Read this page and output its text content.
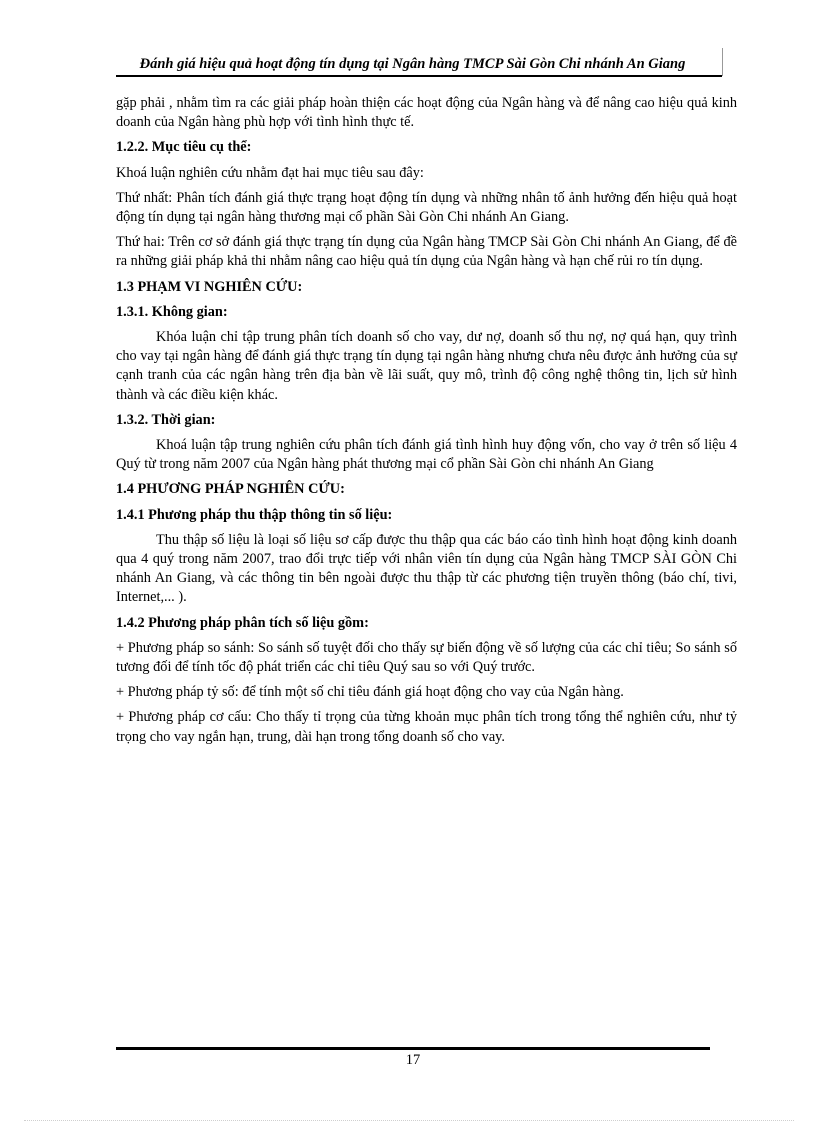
Đánh giá hiệu quả hoạt động tín dụng tại Ngân hàng TMCP Sài Gòn Chi nhánh An Giang

gặp phải , nhằm tìm ra các giải pháp hoàn thiện các hoạt động của Ngân hàng và để nâng cao hiệu quả kinh doanh của Ngân hàng phù hợp với tình hình thực tế.

1.2.2. Mục tiêu cụ thể:

Khoá luận nghiên cứu nhằm đạt hai mục tiêu sau đây:

Thứ nhất: Phân tích đánh giá thực trạng hoạt động tín dụng và những nhân tố ảnh hưởng đến hiệu quả hoạt động tín dụng tại ngân hàng thương mại cổ phần Sài Gòn Chi nhánh An Giang.

Thứ hai: Trên cơ sở đánh giá thực trạng tín dụng của Ngân hàng TMCP Sài Gòn Chi nhánh An Giang, để đề ra những giải pháp khả thi nhằm nâng cao hiệu quả tín dụng của Ngân hàng và hạn chế rủi ro tín dụng.

1.3 PHẠM VI NGHIÊN CỨU:
1.3.1. Không gian:

Khóa luận chỉ tập trung phân tích doanh số cho vay, dư nợ, doanh số thu nợ, nợ quá hạn, quy trình cho vay tại ngân hàng để đánh giá thực trạng tín dụng tại ngân hàng nhưng chưa nêu được ảnh hưởng của sự cạnh tranh của các ngân hàng trên địa bàn về lãi suất, quy mô, trình độ công nghệ thông tin, lịch sử hình thành và các điều kiện khác.

1.3.2. Thời gian:

Khoá luận tập trung nghiên cứu phân tích đánh giá tình hình huy động vốn, cho vay ở trên số liệu 4 Quý từ trong năm 2007 của Ngân hàng phát thương mại cổ phần Sài Gòn chi nhánh An Giang

1.4 PHƯƠNG PHÁP NGHIÊN CỨU:
1.4.1 Phương pháp thu thập thông tin số liệu:

Thu thập số liệu là loại số liệu sơ cấp được thu thập qua các báo cáo tình hình hoạt động kinh doanh qua 4 quý trong năm 2007, trao đổi trực tiếp với nhân viên tín dụng của Ngân hàng TMCP SÀI GÒN Chi nhánh An Giang, và các thông tin bên ngoài được thu thập từ các phương tiện truyền thông (báo chí, tivi, Internet,... ).

1.4.2 Phương pháp phân tích số liệu gồm:

+ Phương pháp so sánh: So sánh số tuyệt đối cho thấy sự biến động về số lượng của các chỉ tiêu; So sánh số tương đối để tính tốc độ phát triển các chỉ tiêu Quý sau so với Quý trước.

+ Phương pháp tỷ số: để tính một số chỉ tiêu đánh giá hoạt động cho vay của Ngân hàng.

+ Phương pháp cơ cấu: Cho thấy tỉ trọng của từng khoản mục phân tích trong tổng thể nghiên cứu, như tỷ trọng cho vay ngắn hạn, trung, dài hạn trong tổng doanh số cho vay.

17
